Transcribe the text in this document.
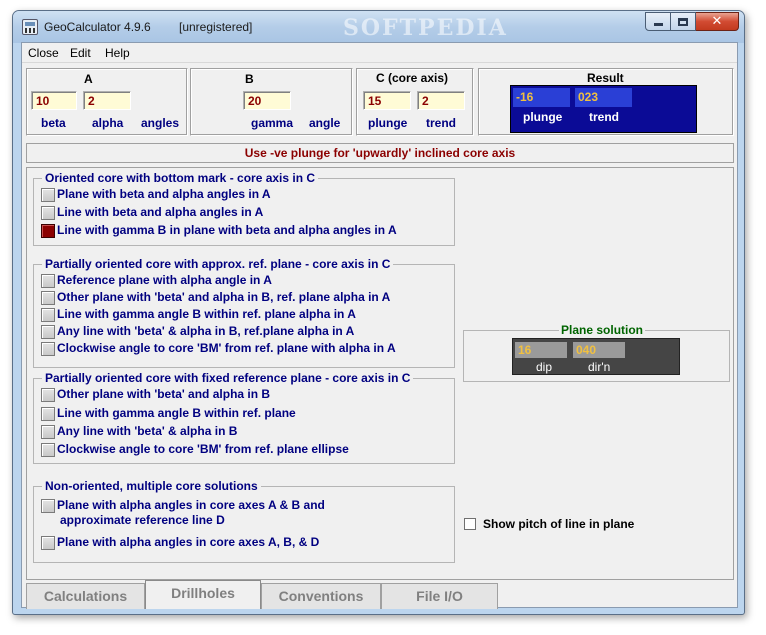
GeoCalculator 4.9.6 [unregistered]	SOFTPEDIA	✕
Close Edit Help
A
10	2
beta alpha angles
B
20
gamma angle
C (core axis)
15	2
plunge trend
Result
-16	023
plunge trend
Use -ve plunge for 'upwardly' inclined core axis
Oriented core with bottom mark - core axis in C
Plane with beta and alpha angles in A
Line with beta and alpha angles in A
Line with gamma B in plane with beta and alpha angles in A
Partially oriented core with approx. ref. plane - core axis in C
Reference plane with alpha angle in A
Other plane with 'beta' and alpha in B, ref. plane alpha in A
Line with gamma angle B within ref. plane alpha in A
Any line with 'beta' & alpha in B, ref.plane alpha in A
Clockwise angle to core 'BM' from ref. plane with alpha in A
Partially oriented core with fixed reference plane - core axis in C
Other plane with 'beta' and alpha in B
Line with gamma angle B within ref. plane
Any line with 'beta' & alpha in B
Clockwise angle to core 'BM' from ref. plane ellipse
Non-oriented, multiple core solutions
Plane with alpha angles in core axes A & B and
approximate reference line D
Plane with alpha angles in core axes A, B, & D
Plane solution
16	040
dip	dir'n
Show pitch of line in plane
Calculations	Drillholes	Conventions	File I/O
